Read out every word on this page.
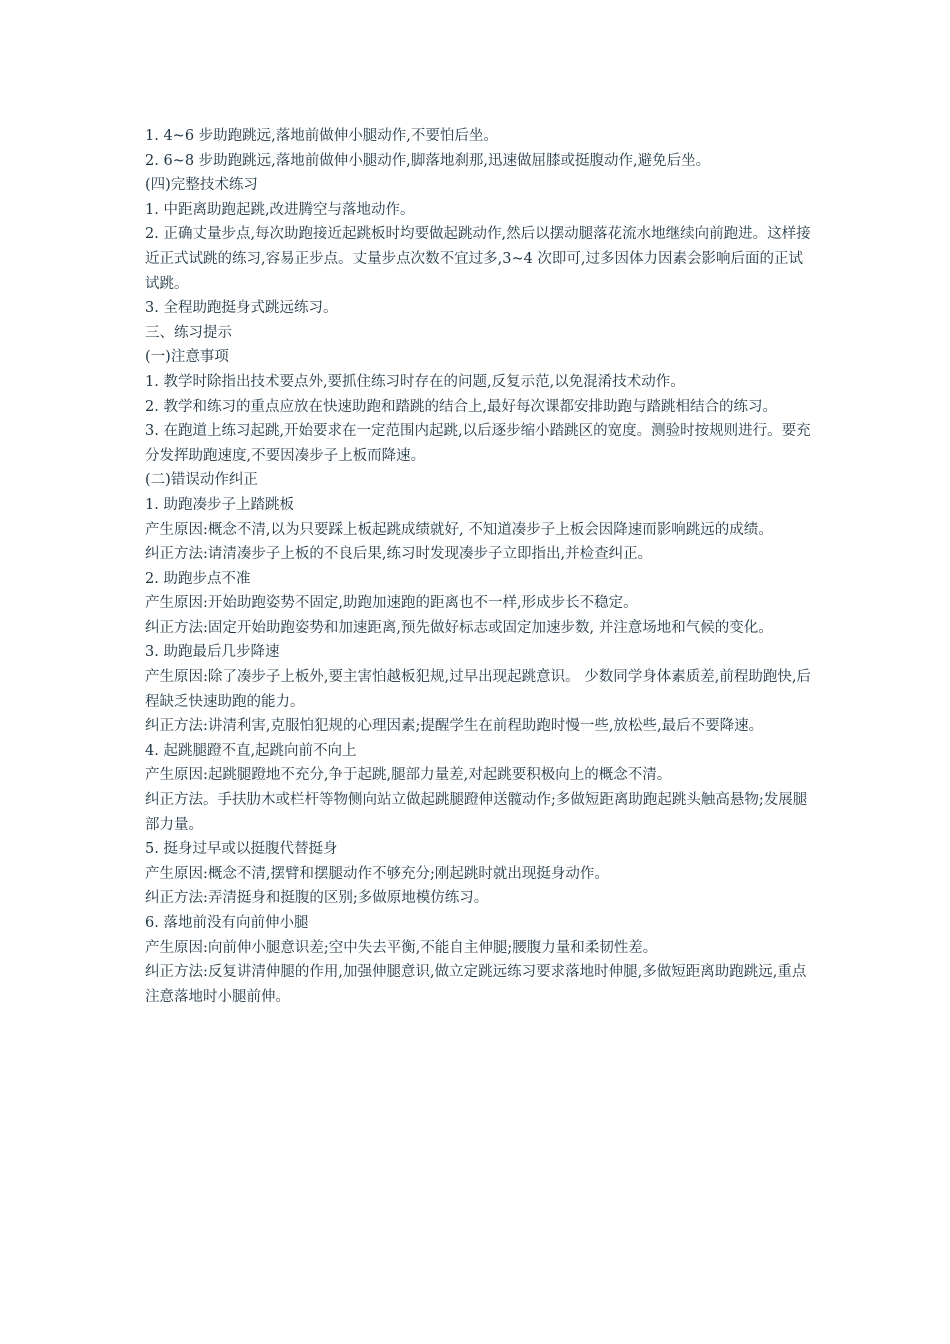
1. 4~6 步助跑跳远,落地前做伸小腿动作,不要怕后坐。

2. 6~8 步助跑跳远,落地前做伸小腿动作,脚落地刹那,迅速做屈膝或挺腹动作,避免后坐。

(四)完整技术练习

1. 中距离助跑起跳,改进腾空与落地动作。

2. 正确丈量步点,每次助跑接近起跳板时均要做起跳动作,然后以摆动腿落花流水地继续向前跑进。这样接近正式试跳的练习,容易正步点。丈量步点次数不宜过多,3~4 次即可,过多因体力因素会影响后面的正试试跳。

3. 全程助跑挺身式跳远练习。

三、练习提示

(一)注意事项

1. 教学时除指出技术要点外,要抓住练习时存在的问题,反复示范,以免混淆技术动作。

2. 教学和练习的重点应放在快速助跑和踏跳的结合上,最好每次课都安排助跑与踏跳相结合的练习。

3. 在跑道上练习起跳,开始要求在一定范围内起跳,以后逐步缩小踏跳区的宽度。测验时按规则进行。要充分发挥助跑速度,不要因凑步子上板而降速。

(二)错误动作纠正

1. 助跑凑步子上踏跳板

产生原因:概念不清,以为只要踩上板起跳成绩就好, 不知道凑步子上板会因降速而影响跳远的成绩。

纠正方法:请清凑步子上板的不良后果,练习时发现凑步子立即指出,并检查纠正。

2. 助跑步点不准

产生原因:开始助跑姿势不固定,助跑加速跑的距离也不一样,形成步长不稳定。

纠正方法:固定开始助跑姿势和加速距离,预先做好标志或固定加速步数, 并注意场地和气候的变化。

3. 助跑最后几步降速

产生原因:除了凑步子上板外,要主害怕越板犯规,过早出现起跳意识。 少数同学身体素质差,前程助跑快,后程缺乏快速助跑的能力。

纠正方法:讲清利害,克服怕犯规的心理因素;提醒学生在前程助跑时慢一些,放松些,最后不要降速。

4. 起跳腿蹬不直,起跳向前不向上

产生原因:起跳腿蹬地不充分,争于起跳,腿部力量差,对起跳要积极向上的概念不清。

纠正方法。手扶肋木或栏杆等物侧向站立做起跳腿蹬伸送髋动作;多做短距离助跑起跳头触高悬物;发展腿部力量。

5. 挺身过早或以挺腹代替挺身

产生原因:概念不清,摆臂和摆腿动作不够充分;刚起跳时就出现挺身动作。

纠正方法:弄清挺身和挺腹的区别;多做原地模仿练习。

6. 落地前没有向前伸小腿

产生原因:向前伸小腿意识差;空中失去平衡,不能自主伸腿;腰腹力量和柔韧性差。

纠正方法:反复讲清伸腿的作用,加强伸腿意识,做立定跳远练习要求落地时伸腿,多做短距离助跑跳远,重点注意落地时小腿前伸。
